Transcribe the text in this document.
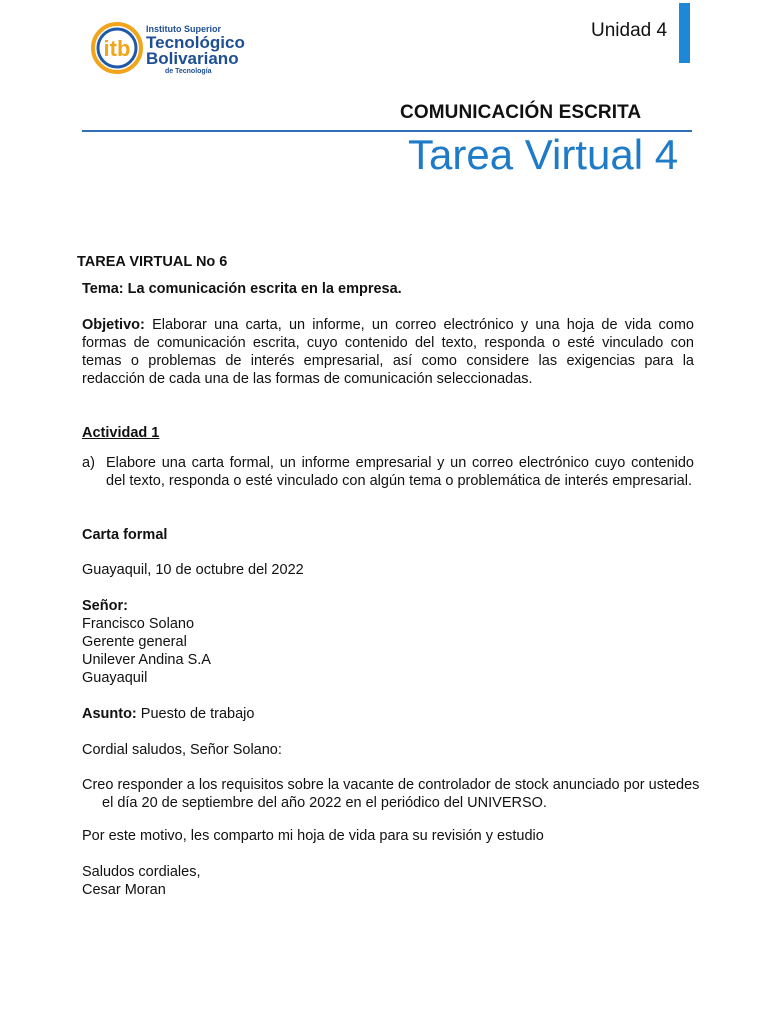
itb
Instituto Superior
Tecnológico
Bolivariano
de Tecnología
Unidad 4
COMUNICACIÓN ESCRITA
Tarea Virtual 4
TAREA VIRTUAL No 6
Tema: La comunicación escrita en la empresa.
Objetivo: Elaborar una carta, un informe, un correo electrónico y una hoja de vida como formas de comunicación escrita, cuyo contenido del texto, responda o esté vinculado con temas o problemas de interés empresarial, así como considere las exigencias para la redacción de cada una de las formas de comunicación seleccionadas.
Actividad 1
a) Elabore una carta formal, un informe empresarial y un correo electrónico cuyo contenido del texto, responda o esté vinculado con algún tema o problemática de interés empresarial.
Carta formal
Guayaquil, 10 de octubre del 2022
Señor:
Francisco Solano
Gerente general
Unilever Andina S.A
Guayaquil
Asunto: Puesto de trabajo
Cordial saludos, Señor Solano:
Creo responder a los requisitos sobre la vacante de controlador de stock anunciado por ustedes el día 20 de septiembre del año 2022 en el periódico del UNIVERSO.
Por este motivo, les comparto mi hoja de vida para su revisión y estudio
Saludos cordiales,
Cesar Moran
